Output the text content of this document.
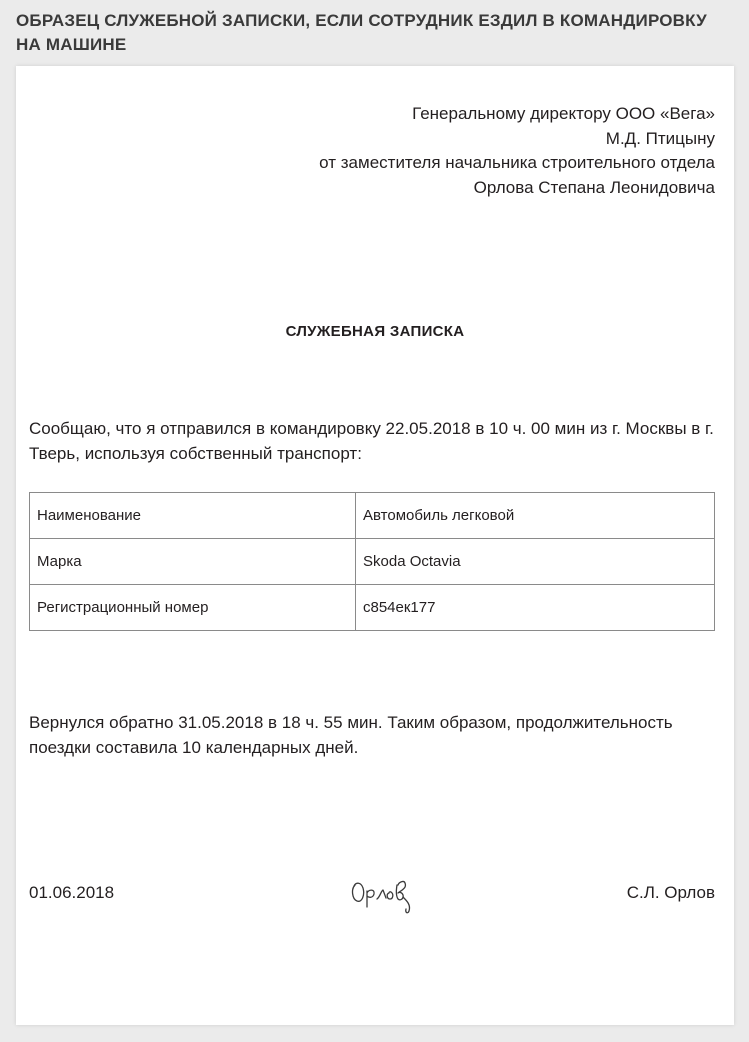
ОБРАЗЕЦ СЛУЖЕБНОЙ ЗАПИСКИ, ЕСЛИ СОТРУДНИК ЕЗДИЛ В КОМАНДИРОВКУ НА МАШИНЕ
Генеральному директору ООО «Вега»
М.Д. Птицыну
от заместителя начальника строительного отдела
Орлова Степана Леонидовича
СЛУЖЕБНАЯ ЗАПИСКА

Сообщаю, что я отправился в командировку 22.05.2018 в 10 ч. 00 мин из г. Москвы в г. Тверь, используя собственный транспорт:

Наименование	Автомобиль легковой
Марка	Skoda Octavia
Регистрационный номер	с854ек177

Вернулся обратно 31.05.2018 в 18 ч. 55 мин. Таким образом, продолжительность поездки составила 10 календарных дней.

01.06.2018	С.Л. Орлов
